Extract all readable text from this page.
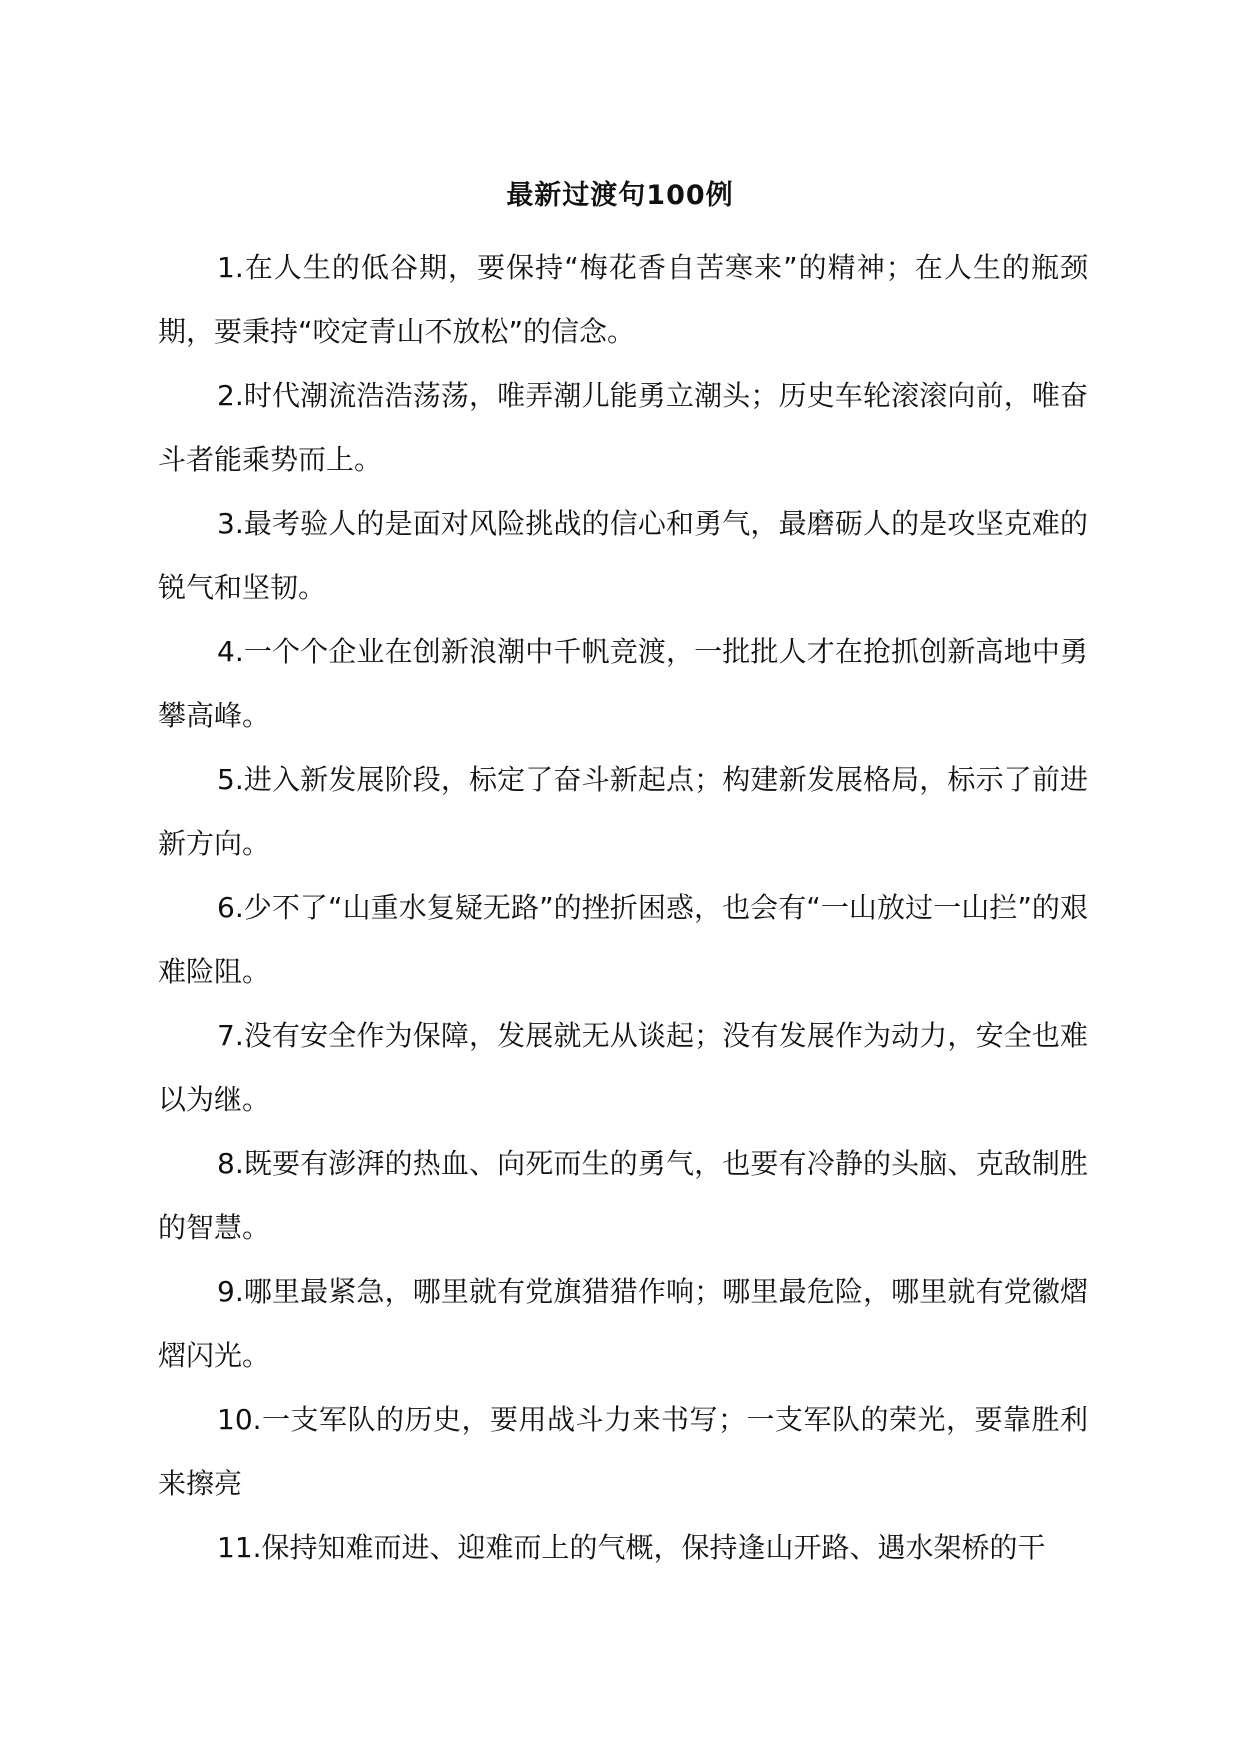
最新过渡句100例

1.在人生的低谷期，要保持“梅花香自苦寒来”的精神；在人生的瓶颈期，要秉持“咬定青山不放松”的信念。

2.时代潮流浩浩荡荡，唯弄潮儿能勇立潮头；历史车轮滚滚向前，唯奋斗者能乘势而上。

3.最考验人的是面对风险挑战的信心和勇气，最磨砺人的是攻坚克难的锐气和坚韧。

4.一个个企业在创新浪潮中千帆竞渡，一批批人才在抢抓创新高地中勇攀高峰。

5.进入新发展阶段，标定了奋斗新起点；构建新发展格局，标示了前进新方向。

6.少不了“山重水复疑无路”的挫折困惑，也会有“一山放过一山拦”的艰难险阻。

7.没有安全作为保障，发展就无从谈起；没有发展作为动力，安全也难以为继。

8.既要有澎湃的热血、向死而生的勇气，也要有冷静的头脑、克敌制胜的智慧。

9.哪里最紧急，哪里就有党旗猎猎作响；哪里最危险，哪里就有党徽熠熠闪光。

10.一支军队的历史，要用战斗力来书写；一支军队的荣光，要靠胜利来擦亮

11.保持知难而进、迎难而上的气概，保持逢山开路、遇水架桥的干
